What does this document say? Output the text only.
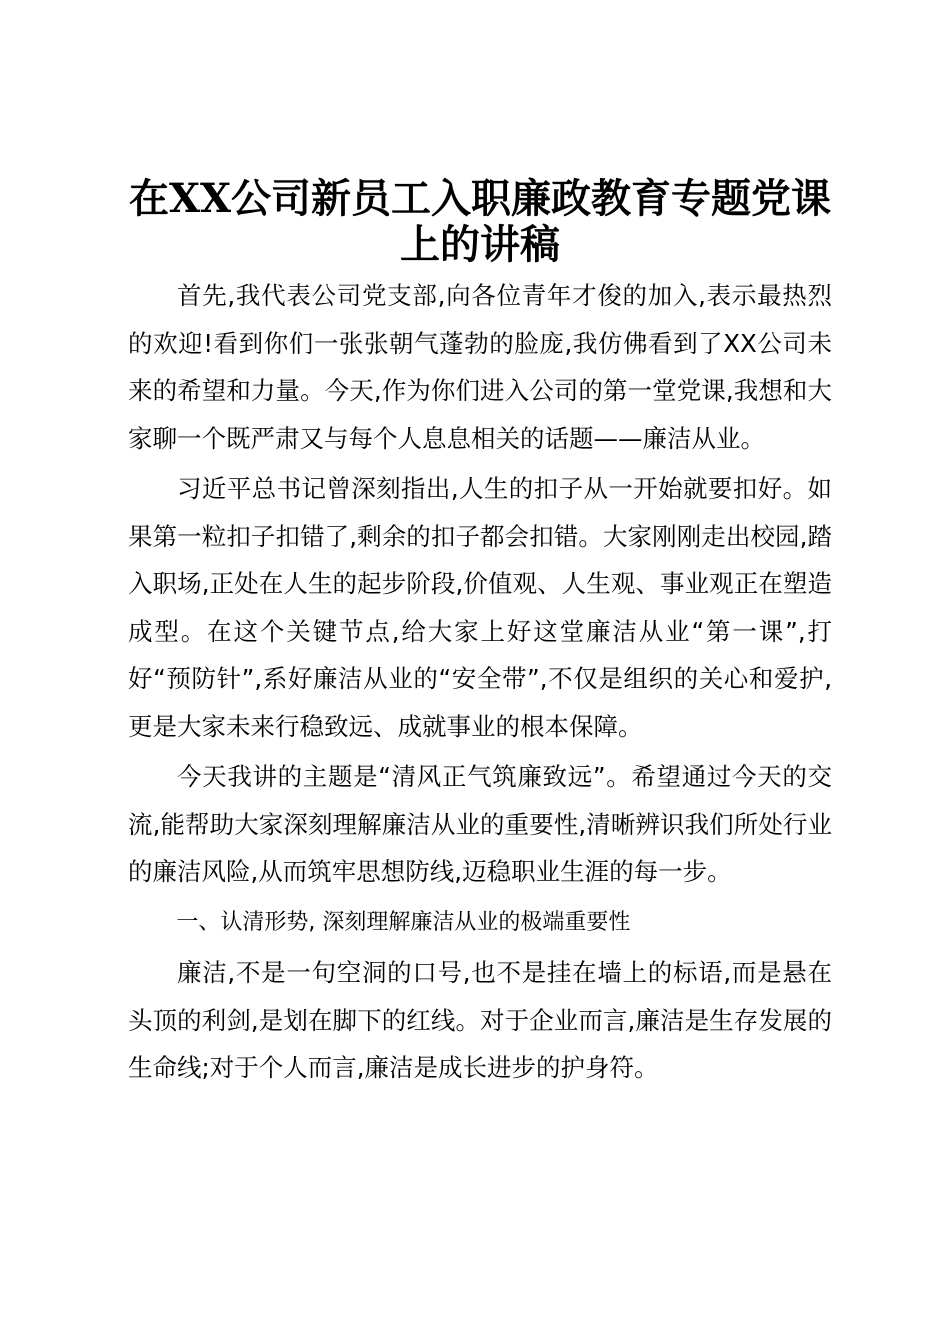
在XX公司新员工入职廉政教育专题党课上的讲稿

首先,我代表公司党支部,向各位青年才俊的加入,表示最热烈的欢迎!看到你们一张张朝气蓬勃的脸庞,我仿佛看到了XX公司未来的希望和力量。今天,作为你们进入公司的第一堂党课,我想和大家聊一个既严肃又与每个人息息相关的话题——廉洁从业。

习近平总书记曾深刻指出,人生的扣子从一开始就要扣好。如果第一粒扣子扣错了,剩余的扣子都会扣错。大家刚刚走出校园,踏入职场,正处在人生的起步阶段,价值观、人生观、事业观正在塑造成型。在这个关键节点,给大家上好这堂廉洁从业“第一课”,打好“预防针”,系好廉洁从业的“安全带”,不仅是组织的关心和爱护,更是大家未来行稳致远、成就事业的根本保障。

今天我讲的主题是“清风正气筑廉致远”。希望通过今天的交流,能帮助大家深刻理解廉洁从业的重要性,清晰辨识我们所处行业的廉洁风险,从而筑牢思想防线,迈稳职业生涯的每一步。

一、认清形势, 深刻理解廉洁从业的极端重要性

廉洁,不是一句空洞的口号,也不是挂在墙上的标语,而是悬在头顶的利剑,是划在脚下的红线。对于企业而言,廉洁是生存发展的生命线;对于个人而言,廉洁是成长进步的护身符。
